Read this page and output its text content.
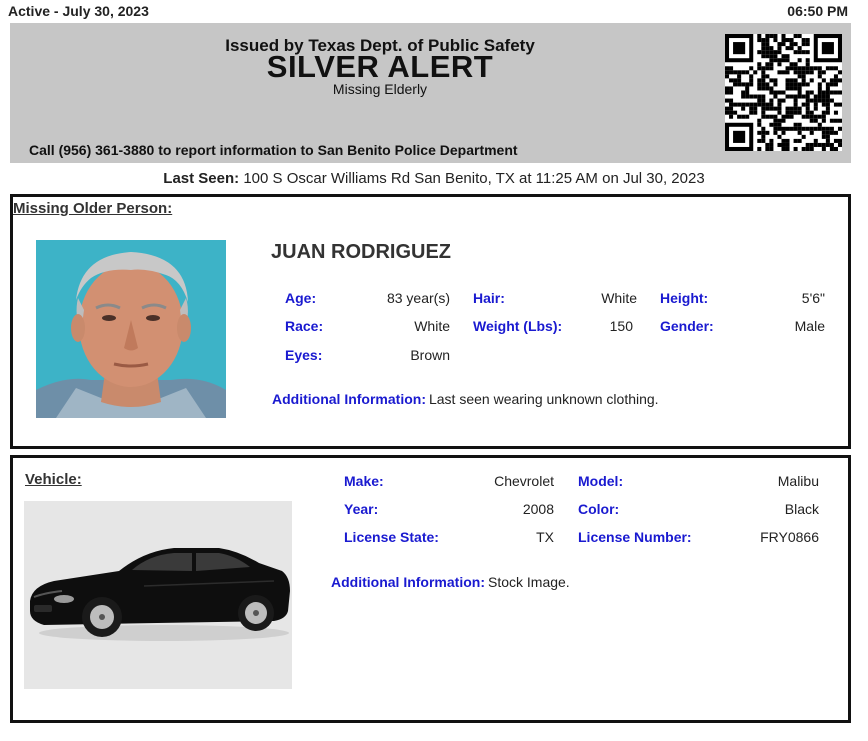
Active - July 30, 2023	06:50 PM
Issued by Texas Dept. of Public Safety
SILVER ALERT
Missing Elderly
Call (956) 361-3880 to report information to San Benito Police Department
Last Seen: 100 S Oscar Williams Rd San Benito, TX at 11:25 AM on Jul 30, 2023
Missing Older Person:
JUAN RODRIGUEZ
Age:	83 year(s) Hair:	White Height:	5'6"
Race:	White Weight (Lbs):	150 Gender:	Male
Eyes:	Brown
Additional Information: Last seen wearing unknown clothing.
Vehicle:	Make:	Chevrolet Model:	Malibu
Year:	2008 Color:	Black
License State:	TX License Number:	FRY0866
Additional Information: Stock Image.
